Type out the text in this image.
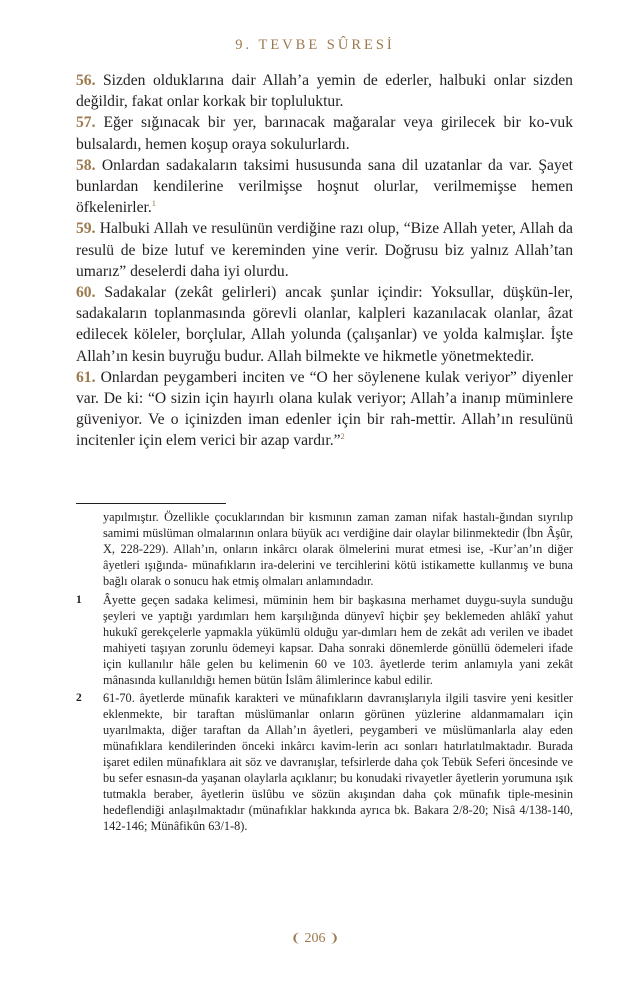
9. TEVBE SÛRESİ

56. Sizden olduklarına dair Allah’a yemin de ederler, halbuki onlar sizden değildir, fakat onlar korkak bir topluluktur.

57. Eğer sığınacak bir yer, barınacak mağaralar veya girilecek bir ko-vuk bulsalardı, hemen koşup oraya sokulurlardı.

58. Onlardan sadakaların taksimi hususunda sana dil uzatanlar da var. Şayet bunlardan kendilerine verilmişse hoşnut olurlar, verilmemişse hemen öfkelenirler.$^1$

59. Halbuki Allah ve resulünün verdiğine razı olup, “Bize Allah yeter, Allah da resulü de bize lutuf ve kereminden yine verir. Doğrusu biz yalnız Allah’tan umarız” deselerdi daha iyi olurdu.

60. Sadakalar (zekât gelirleri) ancak şunlar içindir: Yoksullar, düşkün-ler, sadakaların toplanmasında görevli olanlar, kalpleri kazanılacak olanlar, âzat edilecek köleler, borçlular, Allah yolunda (çalışanlar) ve yolda kalmışlar. İşte Allah’ın kesin buyruğu budur. Allah bilmekte ve hikmetle yönetmektedir.

61. Onlardan peygamberi inciten ve “O her söylenene kulak veriyor” diyenler var. De ki: “O sizin için hayırlı olana kulak veriyor; Allah’a inanıp müminlere güveniyor. Ve o içinizden iman edenler için bir rah-mettir. Allah’ın resulünü incitenler için elem verici bir azap vardır.”$^2$

yapılmıştır. Özellikle çocuklarından bir kısmının zaman zaman nifak hastalı-ğından sıyrılıp samimi müslüman olmalarının onlara büyük acı verdiğine dair olaylar bilinmektedir (İbn Âşûr, X, 228-229). Allah’ın, onların inkârcı olarak ölmelerini murat etmesi ise, -Kur’an’ın diğer âyetleri ışığında- münafıkların ira-delerini ve tercihlerini kötü istikamette kullanmış ve buna bağlı olarak o sonucu hak etmiş olmaları anlamındadır.

1	Âyette geçen sadaka kelimesi, müminin hem bir başkasına merhamet duygu-suyla sunduğu şeyleri ve yaptığı yardımları hem karşılığında dünyevî hiçbir şey beklemeden ahlâkî yahut hukukî gerekçelerle yapmakla yükümlü olduğu yar-dımları hem de zekât adı verilen ve ibadet mahiyeti taşıyan zorunlu ödemeyi kapsar. Daha sonraki dönemlerde gönüllü ödemeleri ifade için kullanılır hâle gelen bu kelimenin 60 ve 103. âyetlerde terim anlamıyla yani zekât mânasında kullanıldığı hemen bütün İslâm âlimlerince kabul edilir.

2	61-70. âyetlerde münafık karakteri ve münafıkların davranışlarıyla ilgili tasvire yeni kesitler eklenmekte, bir taraftan müslümanlar onların görünen yüzlerine aldanmamaları için uyarılmakta, diğer taraftan da Allah’ın âyetleri, peygamberi ve müslümanlarla alay eden münafıklara kendilerinden önceki inkârcı kavim-lerin acı sonları hatırlatılmaktadır. Burada işaret edilen münafıklara ait söz ve davranışlar, tefsirlerde daha çok Tebük Seferi öncesinde ve bu sefer esnasın-da yaşanan olaylarla açıklanır; bu konudaki rivayetler âyetlerin yorumuna ışık tutmakla beraber, âyetlerin üslûbu ve sözün akışından daha çok münafık tiple-mesinin hedeflendiği anlaşılmaktadır (münafıklar hakkında ayrıca bk. Bakara 2/8-20; Nisâ 4/138-140, 142-146; Münâfikûn 63/1-8).

❨ 206 ❩
